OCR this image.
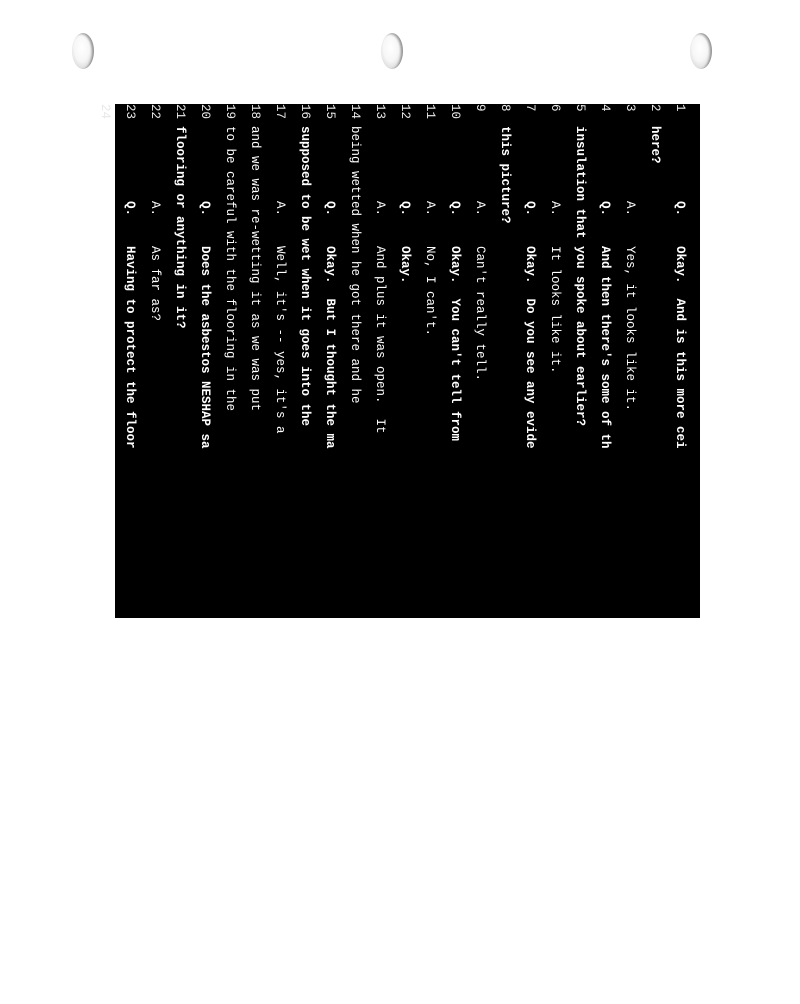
1
Q.    Okay.  And is this more cei
2
here?
3
A.    Yes, it looks like it.
4
Q.    And then there's some of th
5
insulation that you spoke about earlier?
6
A.    It looks like it.
7
Q.    Okay.  Do you see any evide
8
this picture?
9
A.    Can't really tell.
10
Q.    Okay.  You can't tell from
11
A.    No, I can't.
12
Q.    Okay.
13
A.    And plus it was open.  It
14
being wetted when he got there and he
15
Q.    Okay.  But I thought the ma
16
supposed to be wet when it goes into the
17
A.    Well, it's -- yes, it's a
18
and we was re-wetting it as we was put
19
to be careful with the flooring in the
20
Q.    Does the asbestos NESHAP sa
21
flooring or anything in it?
22
A.    As far as?
23
Q.    Having to protect the floor
24
A.    No, but our company pays
